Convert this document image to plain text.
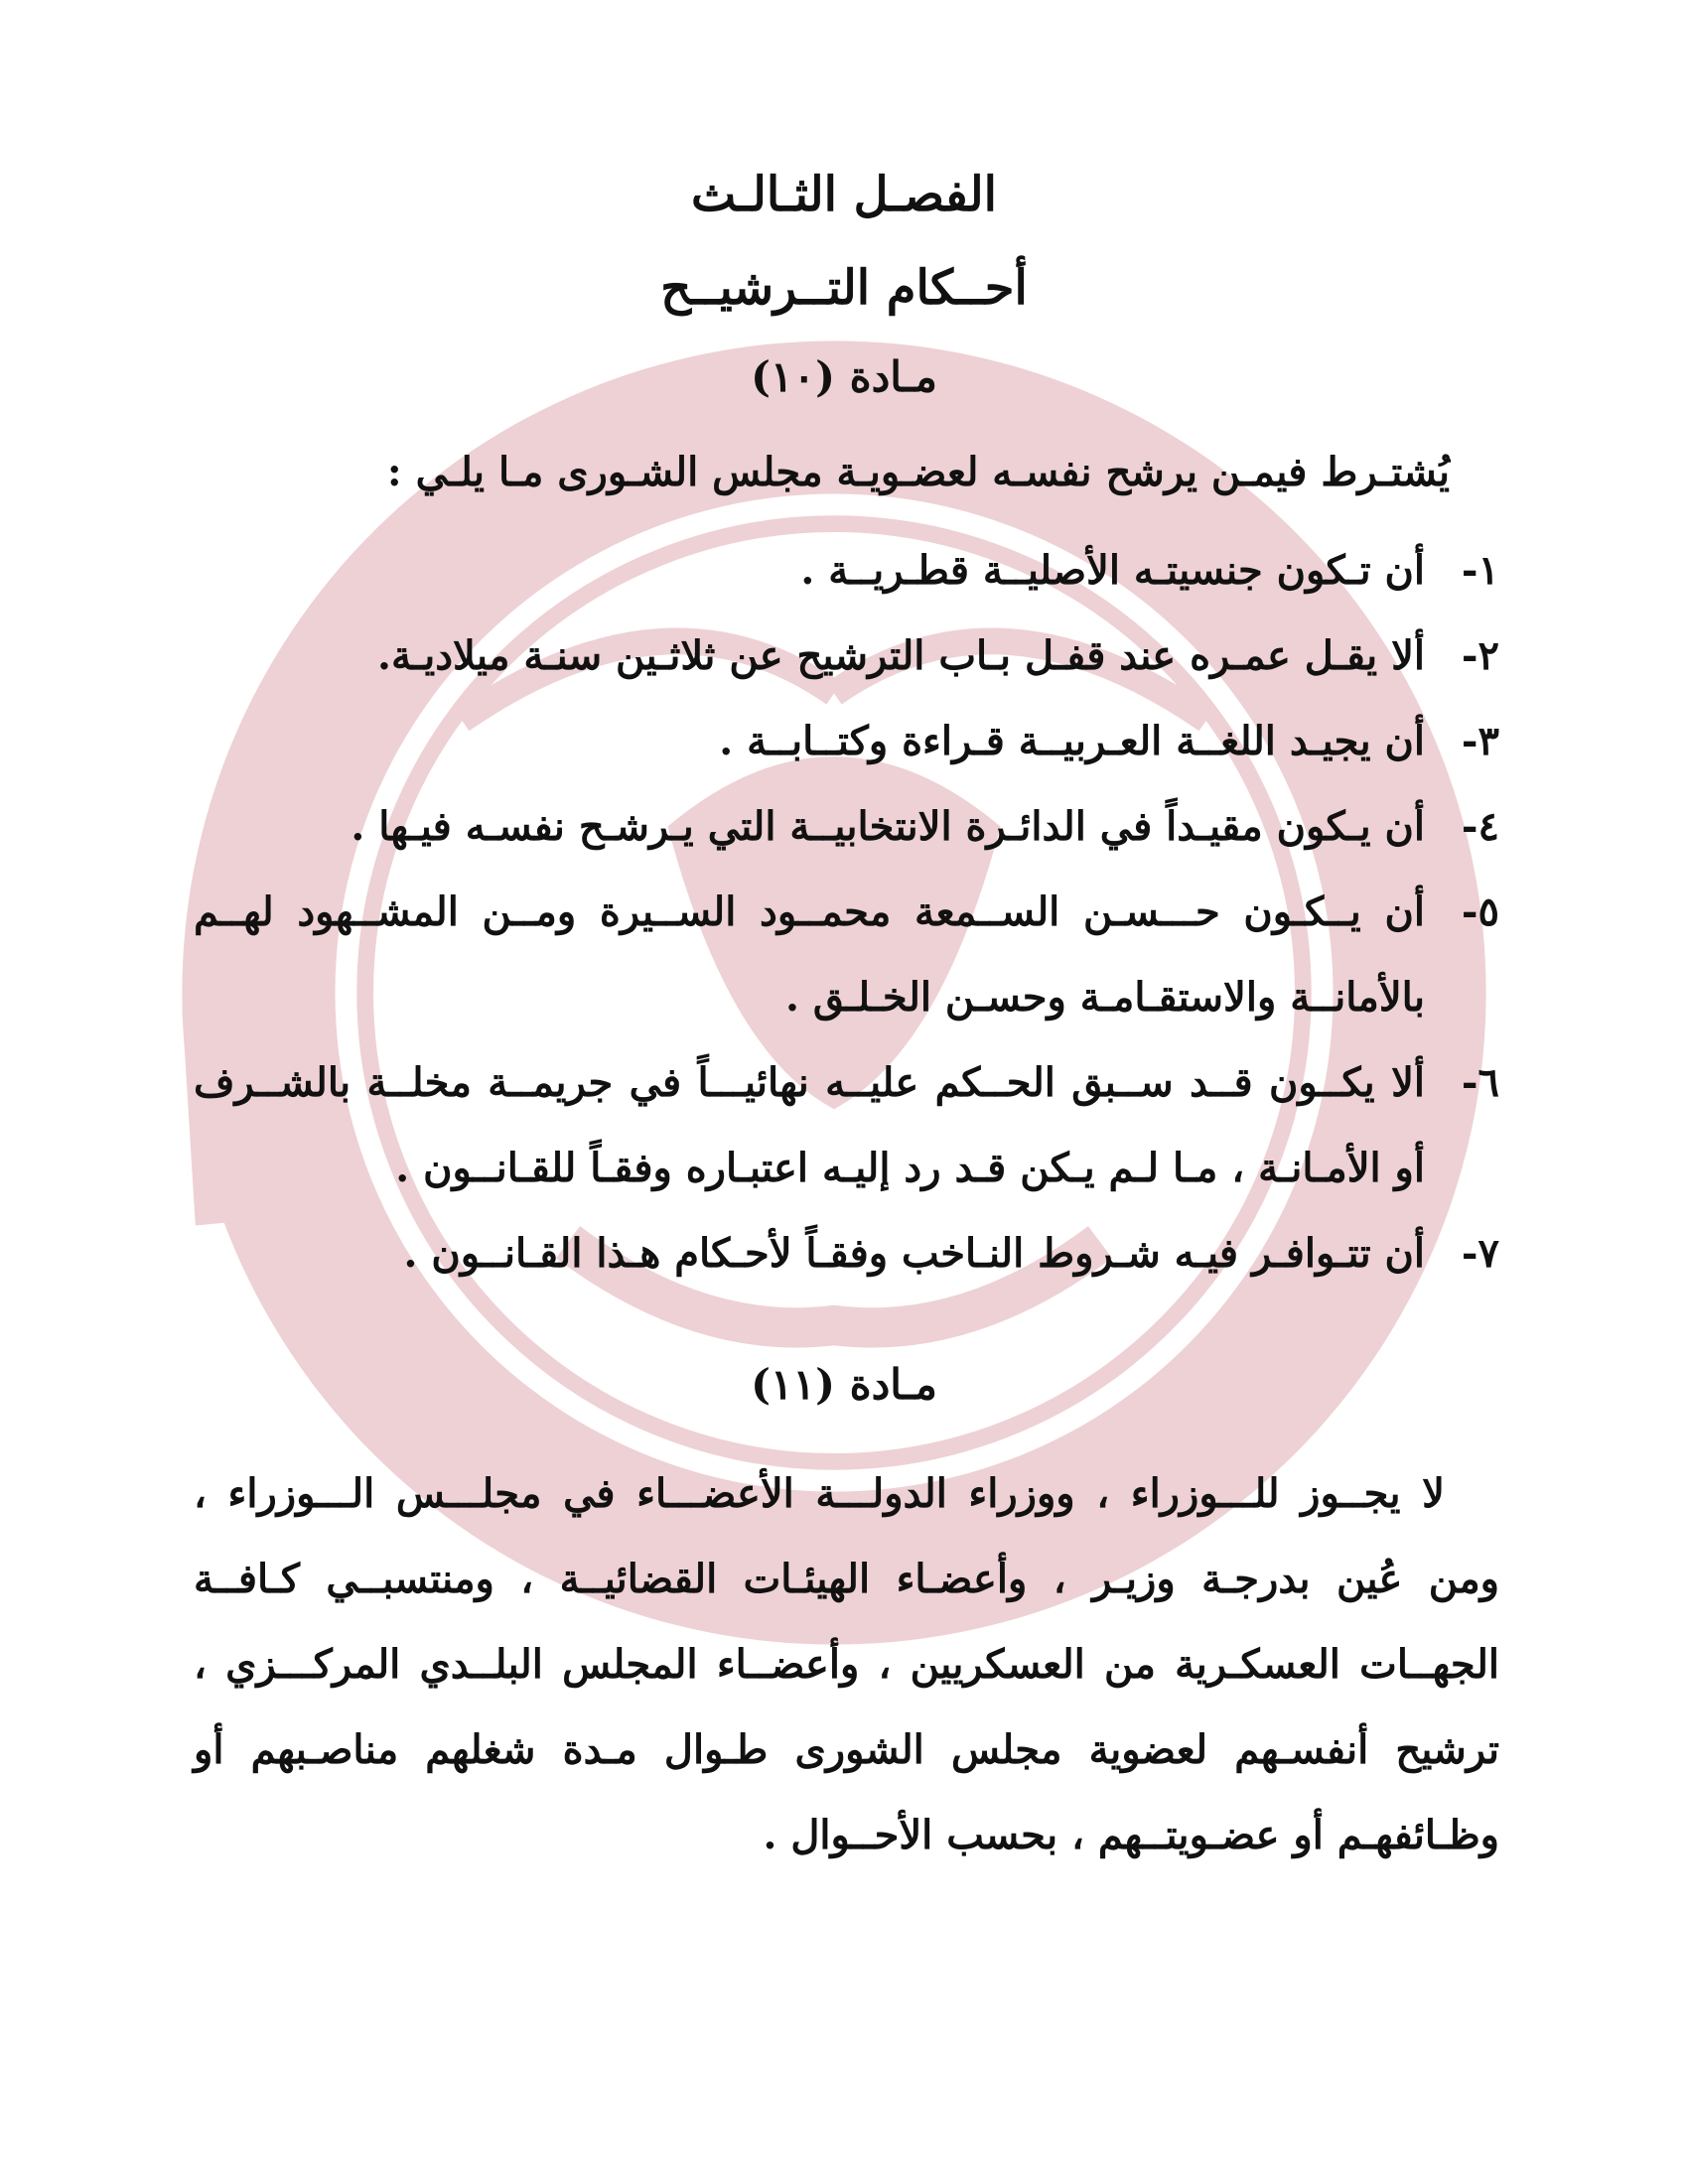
الفصـل الثـالـث
أحــكام التــرشيــح
مـادة (١٠)

يُشتـرط فيمـن يرشح نفسـه لعضـويـة مجلس الشـورى مـا يلـي :

١-
أن تـكون جنسيتـه الأصليــة قطـريــة .
٢-
ألا يقـل عمـره عند قفـل بـاب الترشيح عن ثلاثـين سنـة ميلاديـة.
٣-
أن يجيـد اللغــة العـربيــة قـراءة وكتــابــة .
٤-
أن يـكون مقيـداً في الدائـرة الانتخابيــة التي يـرشـح نفسـه فيـها .
٥-
أن يــكـون حـــسـن الســمعة محمــود الســيرة ومــن المشــهود لهــم بالأمانــة والاستقـامـة وحسـن الخـلـق .
٦-
ألا يكــون قــد ســبق الحــكم عليــه نهائيـــاً في جريمــة مخلــة بالشــرف أو الأمـانـة ، مـا لـم يـكن قـد رد إليـه اعتبـاره وفقـاً للقـانــون .
٧-
أن تتـوافـر فيـه شـروط النـاخب وفقـاً لأحـكام هـذا القـانــون .
مـادة (١١)

لا يجــوز للـــوزراء ، ووزراء الدولـــة الأعضـــاء في مجلـــس الـــوزراء ، ومن عُين بدرجـة وزيـر ، وأعضـاء الهيئـات القضائيــة ، ومنتسبــي كـافــة الجهــات العسكـرية من العسكريين ، وأعضــاء المجلس البلــدي المركـــزي ، ترشيح أنفسـهم لعضوية مجلس الشورى طـوال مـدة شغلهم مناصـبهم أو وظـائفهـم أو عضـويتــهم ، بحسب الأحــوال .
